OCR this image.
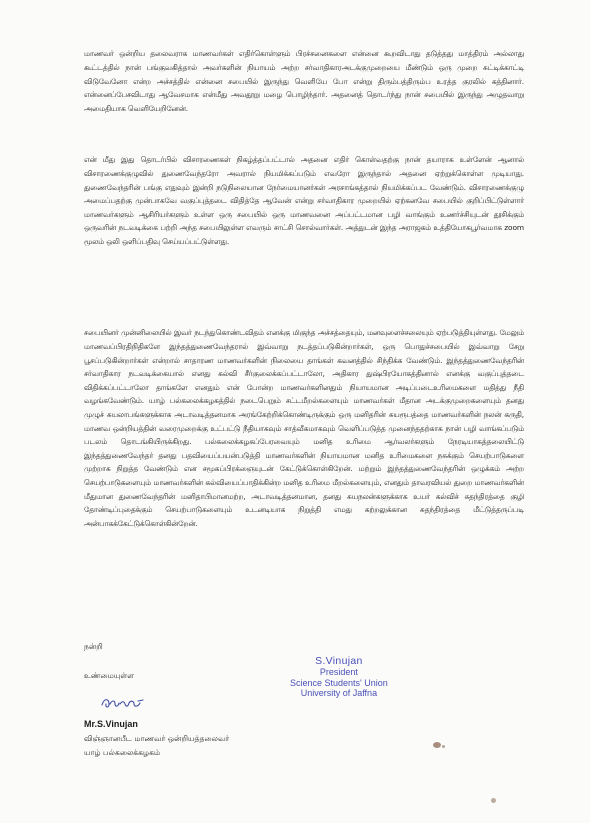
மாணவர் ஒன்றிய தலைவராக மாணவர்கள் எதிர்கொள்ளும் பிரச்சனைகளை என்னை கூறவிடாது தடுத்தது மாத்திரம் அல்லாது கூட்டத்தில் நான் பங்குவகித்தால் அவர்களின் நியாயம் அற்ற சர்வாதிகாரஅடக்குமுறையை மீண்டும் ஒரு முறை சுட்டிக்காட்டி விடுவேனோ என்ற அச்சத்தில் என்னை சபையில் இருந்து வெளியே போ என்று திரும்பத்திரும்ப உரத்த குரலில் கத்தினார். என்னைப்பேசவிடாது ஆவேசமாக என்மீது அவதூறு மழை பொழிந்தார். அதனைத் தொடர்ந்து நான் சபையில் இருந்து அழுதவாறு அமைதியாக வெளியேறினேன்.

என் மீது இது தொடர்பில் விசாரணைகள் நிகழ்த்தப்பட்டால் அதனை எதிர் கொள்வதற்கு நான் தயாராக உள்ளேன் ஆனால் விசாரணைக்குழுவில் துணைவேந்தரோ அவரால் நியமிக்கப்படும் எவரோ இருந்தால் அதனை ஏற்றுக்கொள்ள முடியாது. துணைவேந்தரின் பங்கு எதுவும் இன்றி நடுநிலையான நேர்மையானர்கள் அரசாங்கத்தால் நியமிக்கப்பட வேண்டும். விசாரணைக்குழு அமைப்பதற்கு முன்பாகவே வகுப்புத்தடை விதித்தே ஆவேன் என்று சர்வாதிகார முறையில் ஏற்கனவே சபையில் குறிப்பிட்டுள்ளார் மாணவர்களும் ஆசிரியர்களும் உள்ள ஒரு சபையில் ஒரு மாணவனை அப்பட்டமான பழி வாங்கும் உணர்ச்சியுடன் தூசிக்கும் ஒருவரின் நடவடிக்கை பற்றி அந்த சபையிலுள்ள எவரும் சாட்சி சொல்வார்கள். அத்துடன் இந்த அராஜகம் உத்தியோகபூர்வமாக zoom மூலம் ஒலி ஒளிப்பதிவு செய்யப்பட்டுள்ளது.

சபையினர் முன்னிலையில் இவர் நடந்துகொண்டவிதம் எனக்கு மிகுந்த அச்சத்தையும், மனவுளைச்சலையும் ஏற்படுத்தியுள்ளது. மேலும் மாணவப்பிரதிநிதிகளே இந்தத்துணைவேந்தரால் இவ்வாறு நடத்தப்படுகின்றார்கள், ஒரு பொதுச்சபையில் இவ்வாறு சேறு பூசப்படுகின்றார்கள் என்றால் சாதாரண மாணவர்களின் நிலையை தாங்கள் கவனத்தில் சிந்திக்க வேண்டும். இந்தத்துணைவேந்தரின் சர்வாதிகார நடவடிக்கையால் எனது கல்வி சீர்குலைக்கப்பட்டாலோ, அதிகார துஷ்பிரயோகத்தினால் எனக்கு வகுப்புத்தடை விதிக்கப்பட்டாலோ தாங்களே எனதும் என் போன்ற மாணவர்களினதும் நியாயமான அடிப்படைஉரிமைகளை மதித்து நீதி வழங்கவேண்டும். யாழ் பல்கலைக்கழகத்தில் நடைபெறும் சட்டமீறல்களையும் மாணவர்கள் மீதான அடக்குமுறைகளையும் தனது முழுச் சுயலாபங்களுக்காக அடாவடித்தனமாக அரங்கேற்றிக்கொண்டிருக்கும் ஒரு மனிதரின் சுயரூபத்தை மாணவர்களின் நலன் கருதி, மாணவ ஒன்றியத்தின் வரைமுறைக்கு உட்பட்டு நீதியாகவும் சாத்வீகமாகவும் வெளிப்படுத்த முனைந்ததற்காக நான் பழி வாங்கப்படும் படலம் தொடங்கியிருக்கிறது. பல்கலைக்கழகப்பேரவையும் மனித உரிமை ஆர்வலர்களும் நேரடியாகத்தலையிட்டு இந்தத்துணைவேந்தர் தனது பதவியைப்பயன்படுத்தி மாணவர்களின் நியாயமான மனித உரிமைகளை நசுக்கும் செயற்பாடுகளை முற்றாக நிறுத்த வேண்டும் என சமூகப்பிரக்ஞையுடன் கேட்டுக்கொள்கிறேன். மற்றும் இந்தத்துணைவேந்தரின் ஒழுக்கம் அற்ற செயற்பாடுகளையும் மாணவர்களின் கல்வியைப்பாதிக்கின்ற மனித உரிமை மீறல்களையும், எனதும் தாவரவியல் துறை மாணவர்களின் மீதுமான துணைவேந்தரின் மனிதாபிமானமற்ற, அடாவடித்தனமான, தனது சுயநலன்களுக்காக உயர் கல்விச் சுதந்திரத்தை குழி தோண்டிப்புதைக்கும் செயற்பாடுகளையும் உடனடியாக நிறுத்தி எமது கற்றலுக்கான சுதந்திரத்தை மீட்டுத்தருப்படி அன்பாகக்கேட்டுக்கொள்கின்றேன்.

நன்றி
உண்மையுள்ள
S.Vinujan
President
Science Students' Union
University of Jaffna
Mr.S.Vinujan
விஞ்ஞானபீட மாணவர் ஒன்றியத்தலைவர்
யாழ் பல்கலைக்கழகம்
